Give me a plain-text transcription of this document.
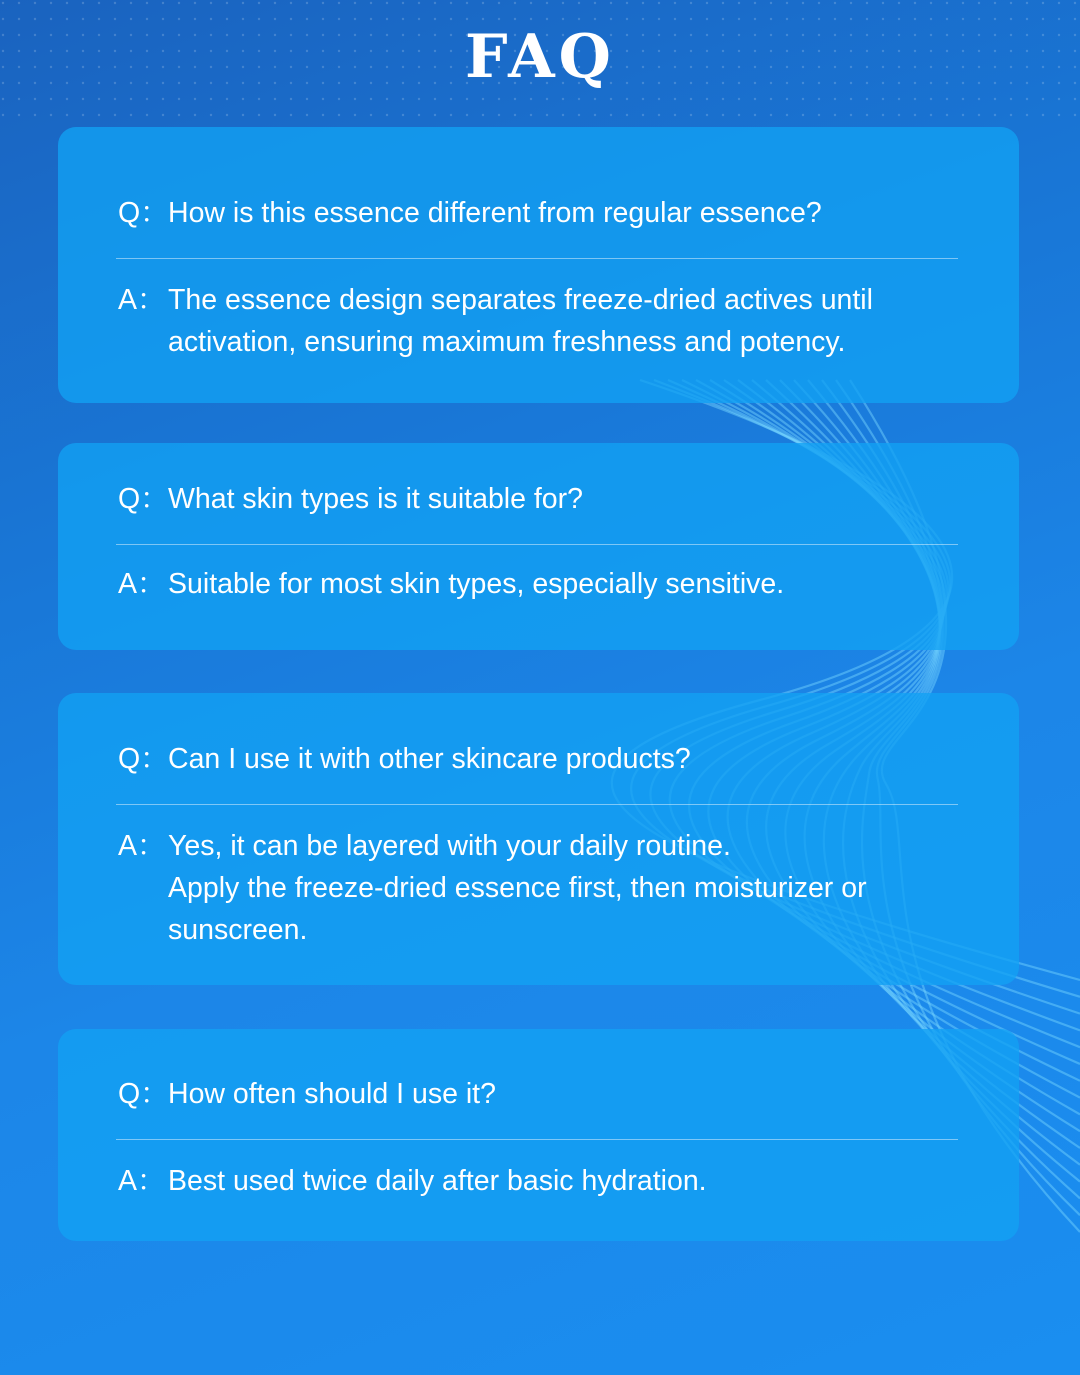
FAQ
Q： How is this essence different from regular essence?
A： The essence design separates freeze-dried actives until
activation, ensuring maximum freshness and potency.
Q： What skin types is it suitable for?
A： Suitable for most skin types, especially sensitive.
Q： Can I use it with other skincare products?
A： Yes, it can be layered with your daily routine.
Apply the freeze-dried essence first, then moisturizer or
sunscreen.
Q： How often should I use it?
A： Best used twice daily after basic hydration.
